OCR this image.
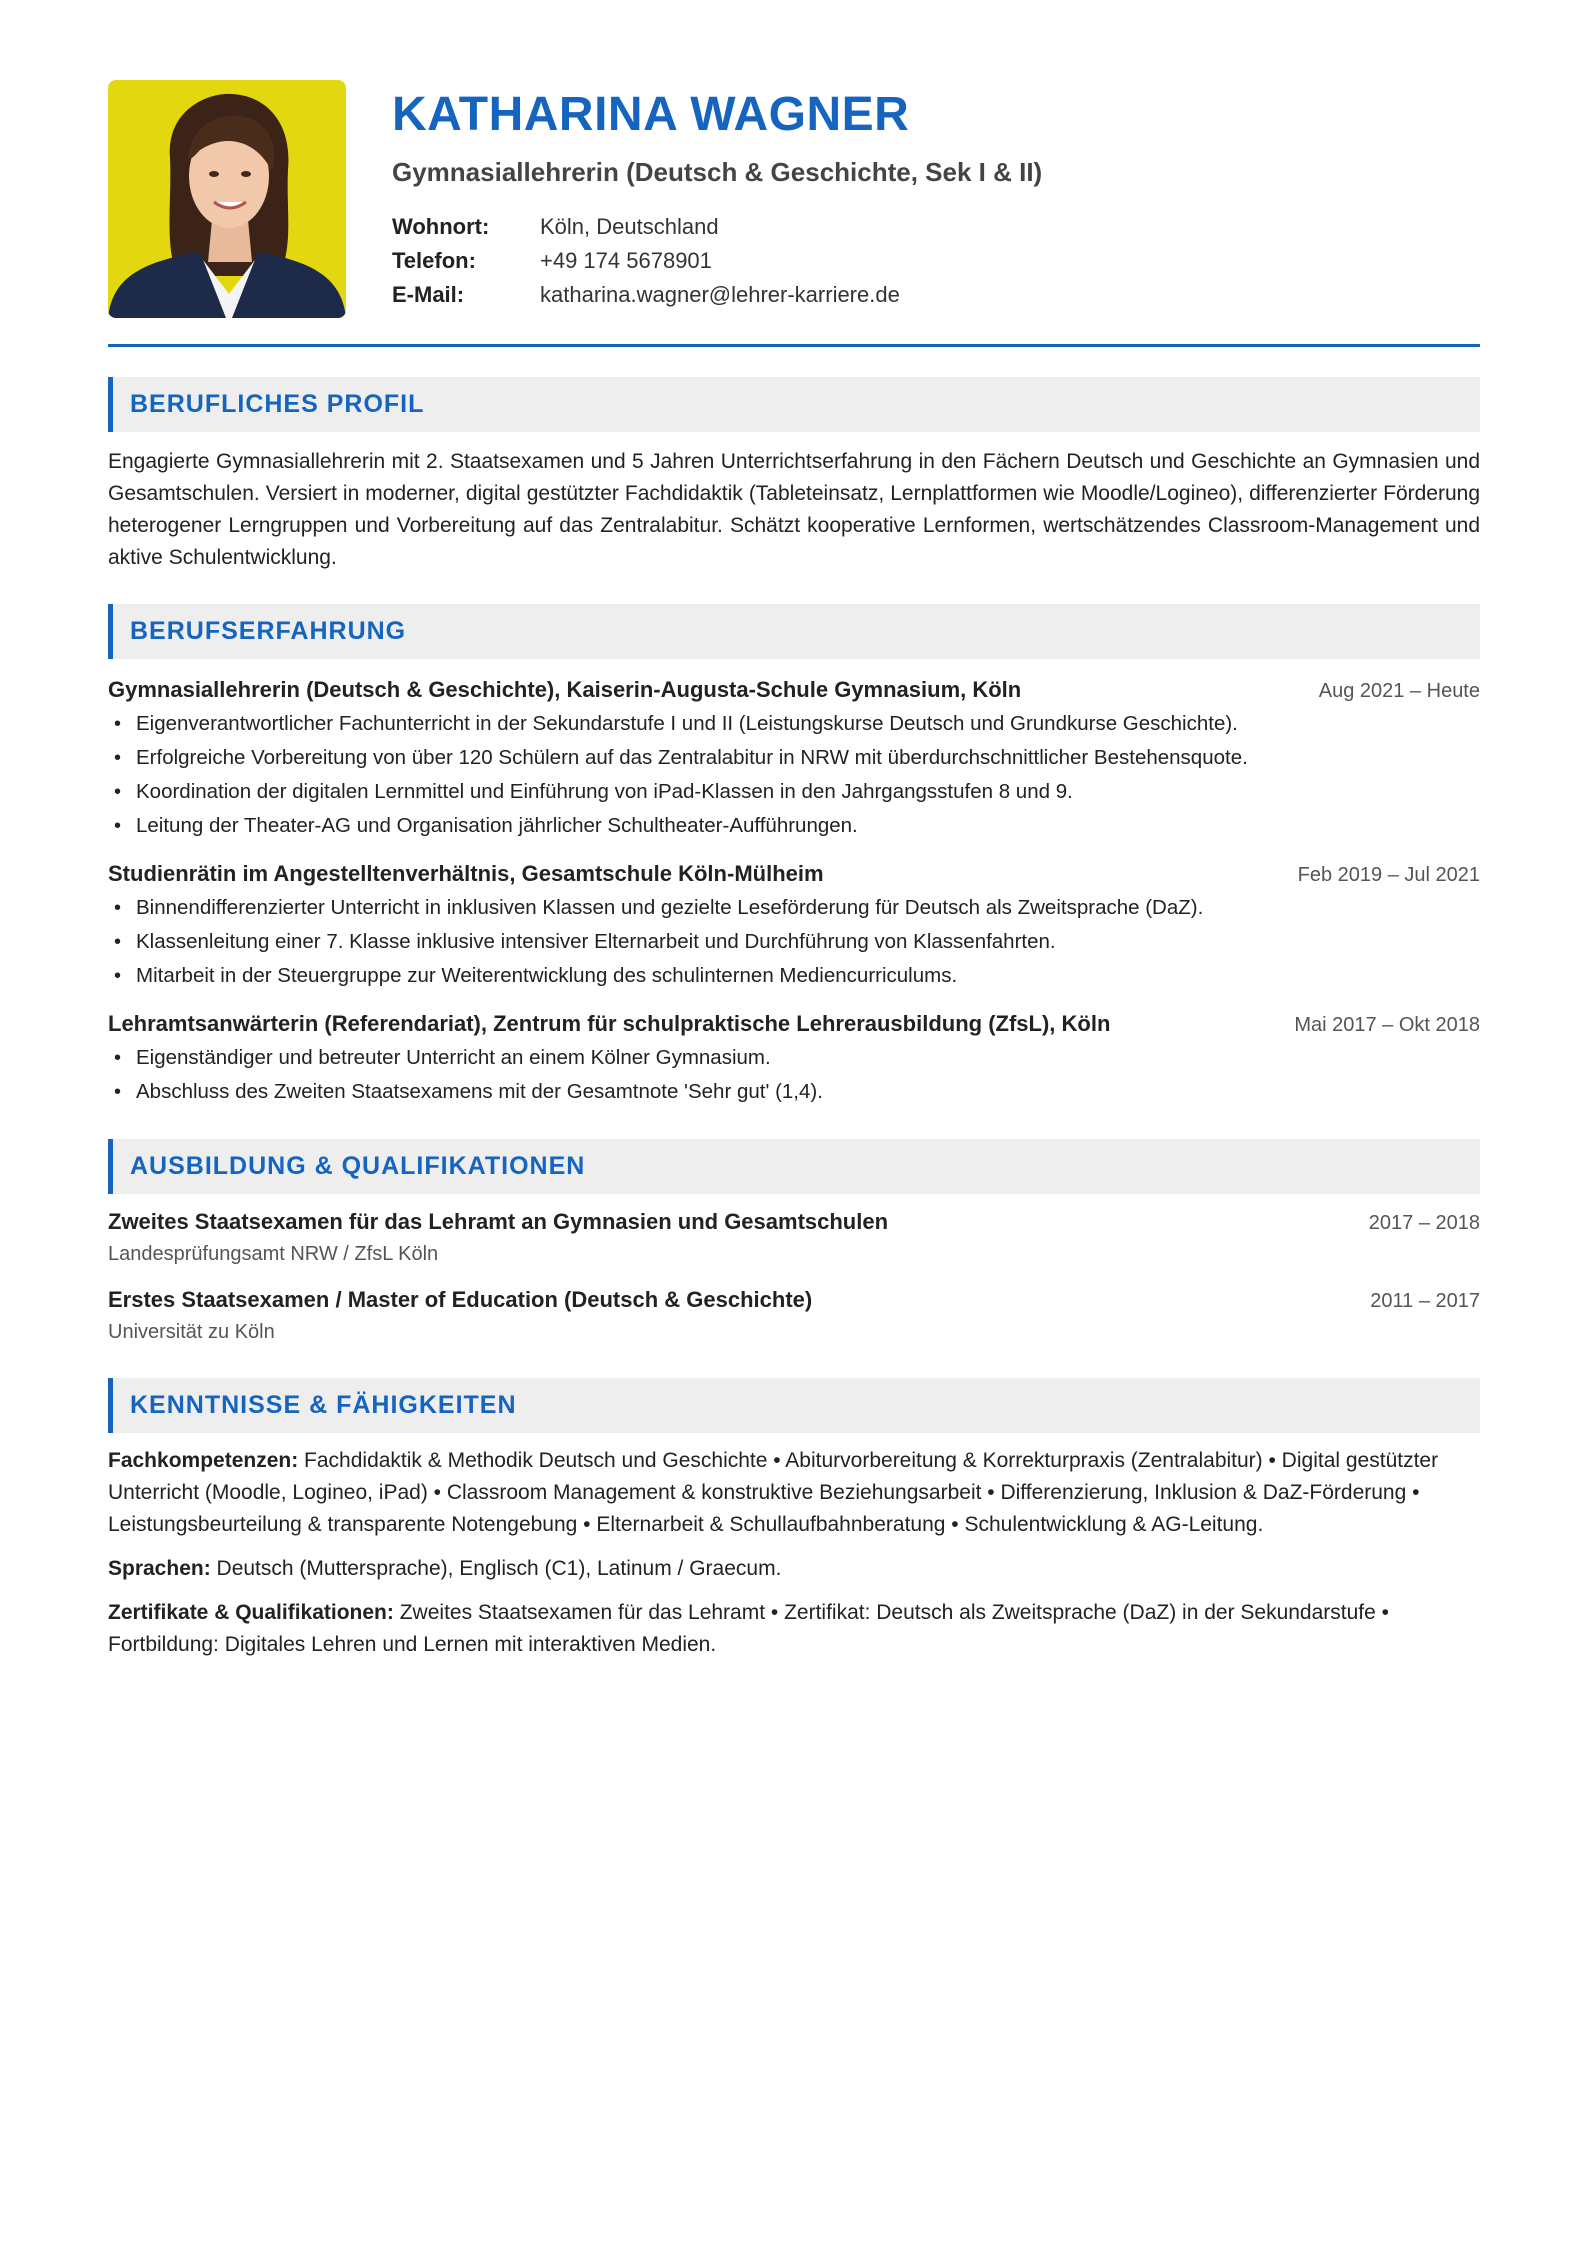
KATHARINA WAGNER
Gymnasiallehrerin (Deutsch & Geschichte, Sek I & II)
Wohnort:	Köln, Deutschland
Telefon:	+49 174 5678901
E-Mail:	katharina.wagner@lehrer-karriere.de
BERUFLICHES PROFIL

Engagierte Gymnasiallehrerin mit 2. Staatsexamen und 5 Jahren Unterrichtserfahrung in den Fächern Deutsch und Geschichte an Gymnasien und Gesamtschulen. Versiert in moderner, digital gestützter Fachdidaktik (Tableteinsatz, Lernplattformen wie Moodle/Logineo), differenzierter Förderung heterogener Lerngruppen und Vorbereitung auf das Zentralabitur. Schätzt kooperative Lernformen, wertschätzendes Classroom-Management und aktive Schulentwicklung.

BERUFSERFAHRUNG
Gymnasiallehrerin (Deutsch & Geschichte), Kaiserin-Augusta-Schule Gymnasium, Köln	Aug 2021 – Heute
• Eigenverantwortlicher Fachunterricht in der Sekundarstufe I und II (Leistungskurse Deutsch und Grundkurse Geschichte).
• Erfolgreiche Vorbereitung von über 120 Schülern auf das Zentralabitur in NRW mit überdurchschnittlicher Bestehensquote.
• Koordination der digitalen Lernmittel und Einführung von iPad-Klassen in den Jahrgangsstufen 8 und 9.
• Leitung der Theater-AG und Organisation jährlicher Schultheater-Aufführungen.
Studienrätin im Angestelltenverhältnis, Gesamtschule Köln-Mülheim	Feb 2019 – Jul 2021
• Binnendifferenzierter Unterricht in inklusiven Klassen und gezielte Leseförderung für Deutsch als Zweitsprache (DaZ).
• Klassenleitung einer 7. Klasse inklusive intensiver Elternarbeit und Durchführung von Klassenfahrten.
• Mitarbeit in der Steuergruppe zur Weiterentwicklung des schulinternen Mediencurriculums.
Lehramtsanwärterin (Referendariat), Zentrum für schulpraktische Lehrerausbildung (ZfsL), Köln	Mai 2017 – Okt 2018
• Eigenständiger und betreuter Unterricht an einem Kölner Gymnasium.
• Abschluss des Zweiten Staatsexamens mit der Gesamtnote 'Sehr gut' (1,4).
AUSBILDUNG & QUALIFIKATIONEN
Zweites Staatsexamen für das Lehramt an Gymnasien und Gesamtschulen	2017 – 2018
Landesprüfungsamt NRW / ZfsL Köln
Erstes Staatsexamen / Master of Education (Deutsch & Geschichte)	2011 – 2017
Universität zu Köln
KENNTNISSE & FÄHIGKEITEN

Fachkompetenzen: Fachdidaktik & Methodik Deutsch und Geschichte • Abiturvorbereitung & Korrekturpraxis (Zentralabitur) • Digital gestützter Unterricht (Moodle, Logineo, iPad) • Classroom Management & konstruktive Beziehungsarbeit • Differenzierung, Inklusion & DaZ-Förderung • Leistungsbeurteilung & transparente Notengebung • Elternarbeit & Schullaufbahnberatung • Schulentwicklung & AG-Leitung.

Sprachen: Deutsch (Muttersprache), Englisch (C1), Latinum / Graecum.

Zertifikate & Qualifikationen: Zweites Staatsexamen für das Lehramt • Zertifikat: Deutsch als Zweitsprache (DaZ) in der Sekundarstufe • Fortbildung: Digitales Lehren und Lernen mit interaktiven Medien.
